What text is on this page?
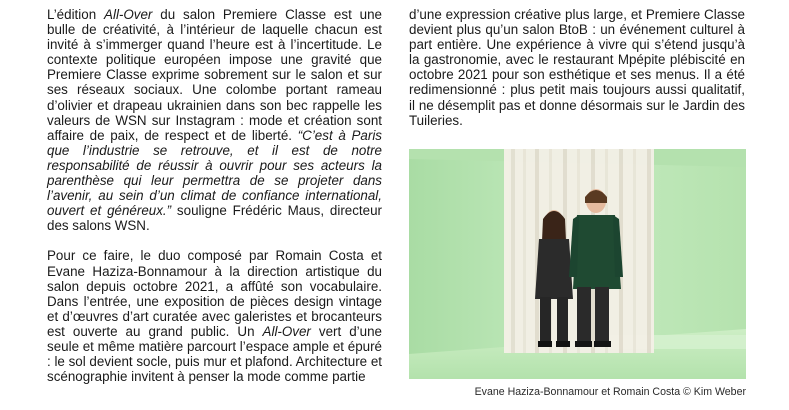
L’édition All-Over du salon Premiere Classe est une bulle de créativité, à l’intérieur de laquelle chacun est invité à s’immerger quand l’heure est à l’incertitude. Le contexte politique européen impose une gravité que Premiere Classe exprime sobrement sur le salon et sur ses réseaux sociaux. Une colombe portant rameau d’olivier et drapeau ukrainien dans son bec rappelle les valeurs de WSN sur Instagram : mode et création sont affaire de paix, de respect et de liberté. “C’est à Paris que l’industrie se retrouve, et il est de notre responsabilité de réussir à ouvrir pour ses acteurs la parenthèse qui leur permettra de se projeter dans l’avenir, au sein d’un climat de confiance international, ouvert et généreux.” souligne Frédéric Maus, directeur des salons WSN.

Pour ce faire, le duo composé par Romain Costa et Evane Haziza-Bonnamour à la direction artistique du salon depuis octobre 2021, a affûté son vocabulaire. Dans l’entrée, une exposition de pièces design vintage et d’œuvres d’art curatée avec galeristes et brocanteurs est ouverte au grand public. Un All-Over vert d’une seule et même matière parcourt l’espace ample et épuré : le sol devient socle, puis mur et plafond. Architecture et scénographie invitent à penser la mode comme partie

d’une expression créative plus large, et Premiere Classe devient plus qu’un salon BtoB : un événement culturel à part entière. Une expérience à vivre qui s’étend jusqu’à la gastronomie, avec le restaurant Mpépite plébiscité en octobre 2021 pour son esthétique et ses menus. Il a été redimensionné : plus petit mais toujours aussi qualitatif, il ne désemplit pas et donne désormais sur le Jardin des Tuileries.

Evane Haziza-Bonnamour et Romain Costa © Kim Weber
